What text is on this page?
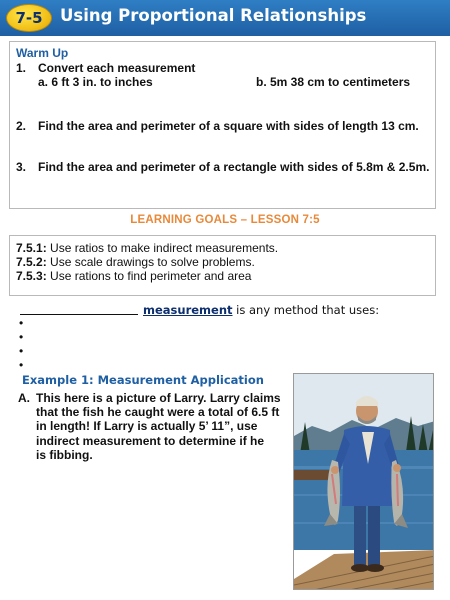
7-5	Using Proportional Relationships
Warm Up
1. Convert each measurement
a. 6 ft 3 in. to inches	b. 5m 38 cm to centimeters
2. Find the area and perimeter of a square with sides of length 13 cm.
3. Find the area and perimeter of a rectangle with sides of 5.8m & 2.5m.
LEARNING GOALS – LESSON 7:5
7.5.1: Use ratios to make indirect measurements.
7.5.2: Use scale drawings to solve problems.
7.5.3: Use rations to find perimeter and area
measurement is any method that uses:
•
•
•
•
Example 1: Measurement Application
A. This here is a picture of Larry. Larry claims
that the fish he caught were a total of 6.5 ft
in length! If Larry is actually 5’ 11”, use
indirect measurement to determine if he
is fibbing.
